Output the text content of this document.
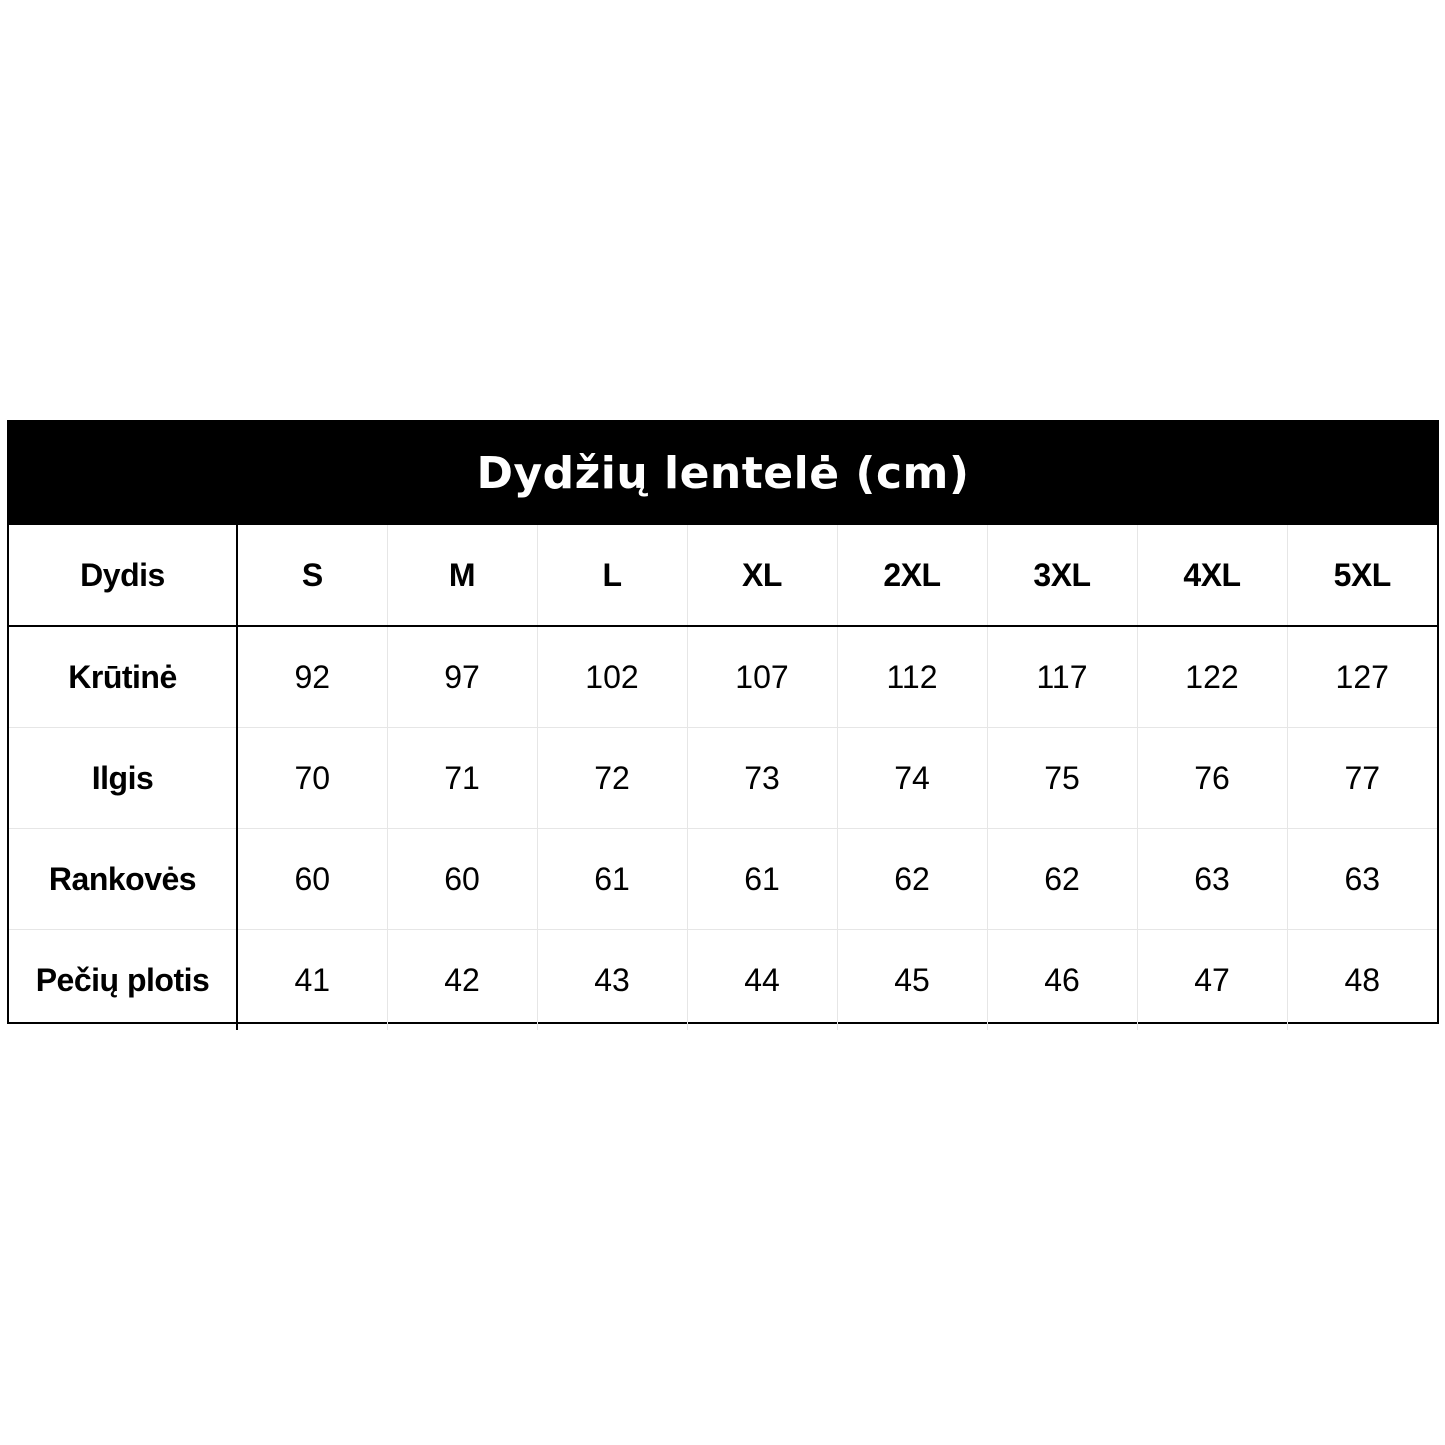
Dydžių lentelė (cm)
Dydis	S	M	L	XL	2XL	3XL	4XL	5XL
Krūtinė	92	97	102	107	112	117	122	127
Ilgis	70	71	72	73	74	75	76	77
Rankovės	60	60	61	61	62	62	63	63
Pečių plotis	41	42	43	44	45	46	47	48
